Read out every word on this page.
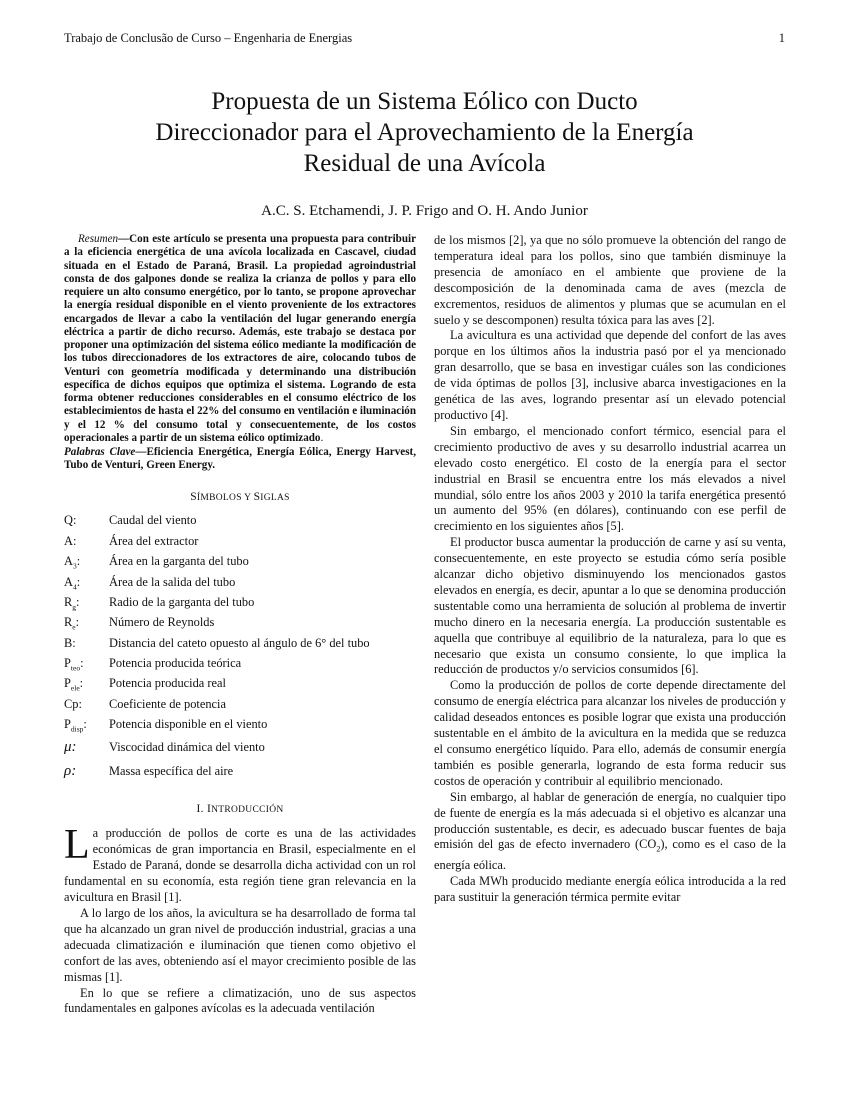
Trabajo de Conclusão de Curso – Engenharia de Energias	1
Propuesta de un Sistema Eólico con Ducto
Direccionador para el Aprovechamiento de la Energía
Residual de una Avícola
A.C. S. Etchamendi, J. P. Frigo and O. H. Ando Junior

Resumen—Con este artículo se presenta una propuesta para contribuir a la eficiencia energética de una avícola localizada en Cascavel, ciudad situada en el Estado de Paraná, Brasil. La propiedad agroindustrial consta de dos galpones donde se realiza la crianza de pollos y para ello requiere un alto consumo energético, por lo tanto, se propone aprovechar la energía residual disponible en el viento proveniente de los extractores encargados de llevar a cabo la ventilación del lugar generando energía eléctrica a partir de dicho recurso. Además, este trabajo se destaca por proponer una optimización del sistema eólico mediante la modificación de los tubos direccionadores de los extractores de aire, colocando tubos de Venturi con geometría modificada y determinando una distribución específica de dichos equipos que optimiza el sistema. Logrando de esta forma obtener reducciones considerables en el consumo eléctrico de los establecimientos de hasta el 22% del consumo en ventilación e iluminación y el 12 % del consumo total y consecuentemente, de los costos operacionales a partir de un sistema eólico optimizado.

Palabras Clave—Eficiencia Energética, Energía Eólica, Energy Harvest, Tubo de Venturi, Green Energy.

SÍMBOLOS Y SIGLAS
Q:	Caudal del viento
A:	Área del extractor
$A_3$:	Área en la garganta del tubo
$A_4$:	Área de la salida del tubo
$R_g$:	Radio de la garganta del tubo
$R_e$:	Número de Reynolds
B:	Distancia del cateto opuesto al ángulo de 6° del tubo
$P_{teo}$:	Potencia producida teórica
$P_{ele}$:	Potencia producida real
Cp:	Coeficiente de potencia
$P_{disp}$:	Potencia disponible en el viento
μ:	Viscocidad dinámica del viento
ρ:	Massa específica del aire
I. INTRODUCCIÓN

La producción de pollos de corte es una de las actividades económicas de gran importancia en Brasil, especialmente en el Estado de Paraná, donde se desarrolla dicha actividad con un rol fundamental en su economía, esta región tiene gran relevancia en la avicultura en Brasil [1].

A lo largo de los años, la avicultura se ha desarrollado de forma tal que ha alcanzado un gran nivel de producción industrial, gracias a una adecuada climatización e iluminación que tienen como objetivo el confort de las aves, obteniendo así el mayor crecimiento posible de las mismas [1].

En lo que se refiere a climatización, uno de sus aspectos fundamentales en galpones avícolas es la adecuada ventilación

de los mismos [2], ya que no sólo promueve la obtención del rango de temperatura ideal para los pollos, sino que también disminuye la presencia de amoníaco en el ambiente que proviene de la descomposición de la denominada cama de aves (mezcla de excrementos, residuos de alimentos y plumas que se acumulan en el suelo y se descomponen) resulta tóxica para las aves [2].

La avicultura es una actividad que depende del confort de las aves porque en los últimos años la industria pasó por el ya mencionado gran desarrollo, que se basa en investigar cuáles son las condiciones de vida óptimas de pollos [3], inclusive abarca investigaciones en la genética de las aves, logrando presentar así un elevado potencial productivo [4].

Sin embargo, el mencionado confort térmico, esencial para el crecimiento productivo de aves y su desarrollo industrial acarrea un elevado costo energético. El costo de la energía para el sector industrial en Brasil se encuentra entre los más elevados a nivel mundial, sólo entre los años 2003 y 2010 la tarifa energética presentó un aumento del 95% (en dólares), continuando con ese perfil de crecimiento en los siguientes años [5].

El productor busca aumentar la producción de carne y así su venta, consecuentemente, en este proyecto se estudia cómo sería posible alcanzar dicho objetivo disminuyendo los mencionados gastos elevados en energía, es decir, apuntar a lo que se denomina producción sustentable como una herramienta de solución al problema de invertir mucho dinero en la necesaria energía. La producción sustentable es aquella que contribuye al equilibrio de la naturaleza, para lo que es necesario que exista un consumo consiente, lo que implica la reducción de productos y/o servicios consumidos [6].

Como la producción de pollos de corte depende directamente del consumo de energía eléctrica para alcanzar los niveles de producción y calidad deseados entonces es posible lograr que exista una producción sustentable en el ámbito de la avicultura en la medida que se reduzca el consumo energético líquido. Para ello, además de consumir energía también es posible generarla, logrando de esta forma reducir sus costos de operación y contribuir al equilibrio mencionado.

Sin embargo, al hablar de generación de energía, no cualquier tipo de fuente de energía es la más adecuada si el objetivo es alcanzar una producción sustentable, es decir, es adecuado buscar fuentes de baja emisión del gas de efecto invernadero $(CO_2)$, como es el caso de la energía eólica.

Cada MWh producido mediante energía eólica introducida a la red para sustituir la generación térmica permite evitar
